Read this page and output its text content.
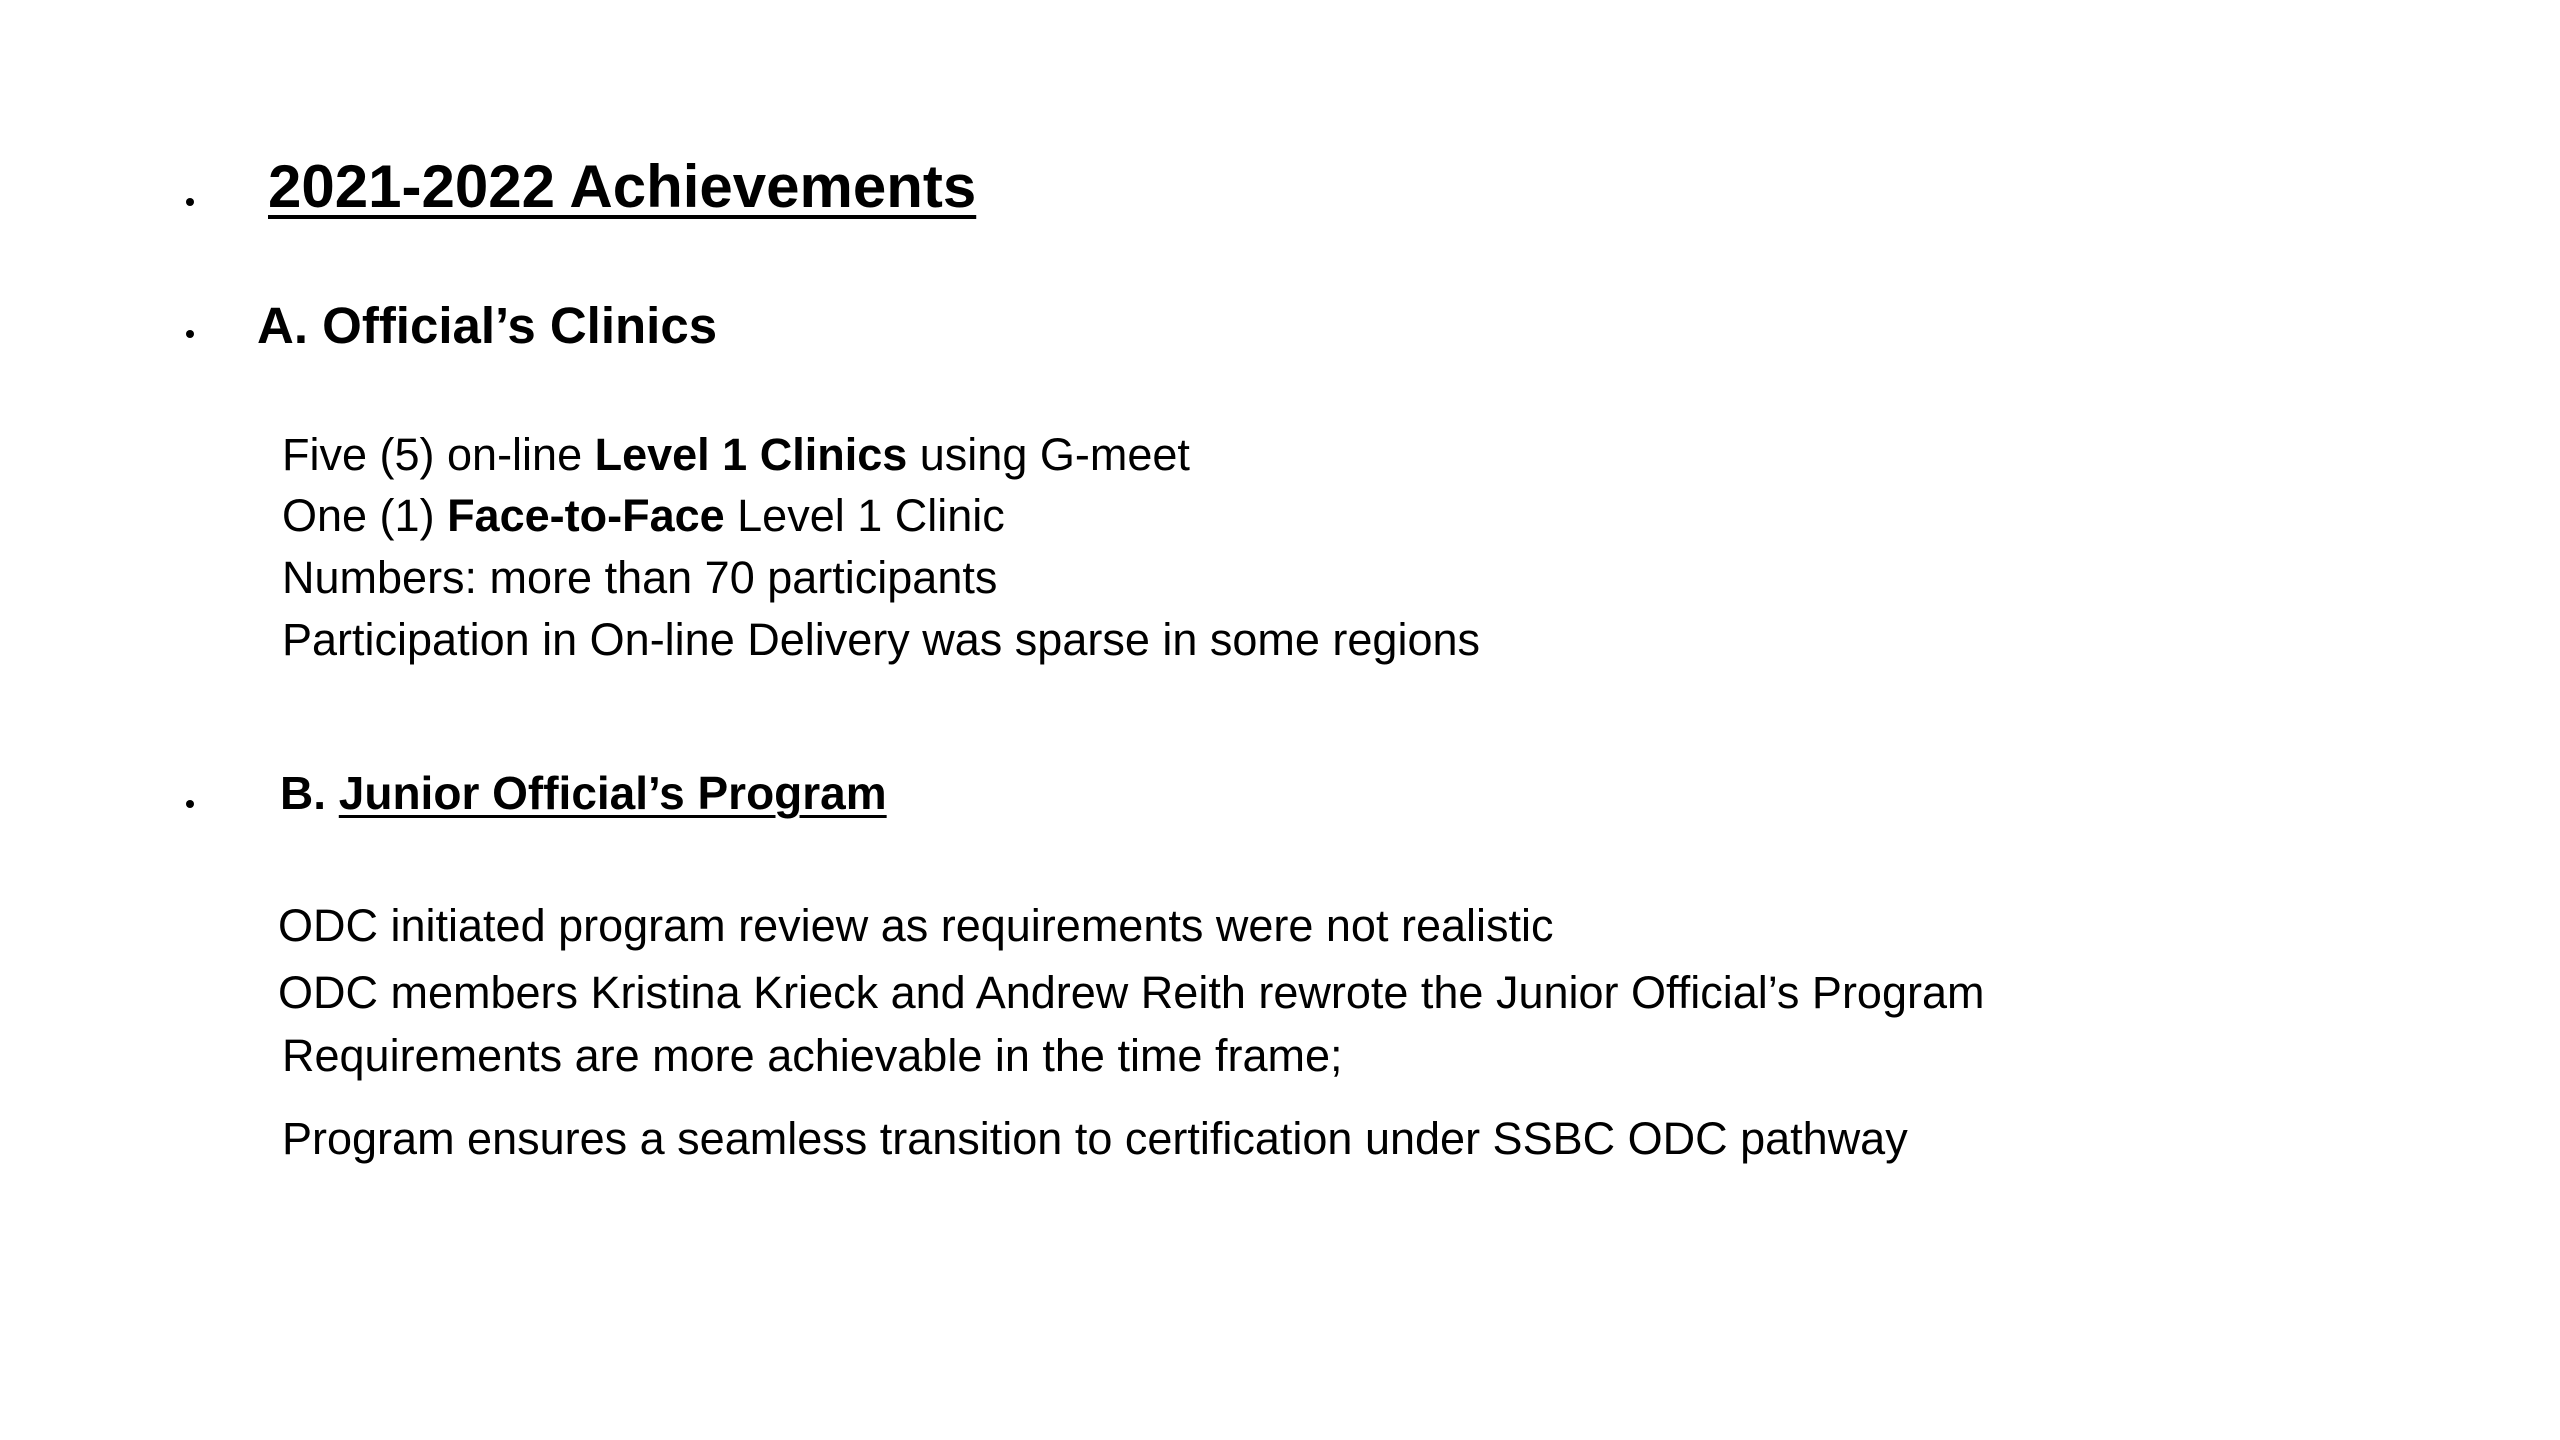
2021-2022 Achievements
A. Official’s Clinics
Five (5) on-line Level 1 Clinics using G-meet
One (1) Face-to-Face Level 1 Clinic
Numbers: more than 70 participants
Participation in On-line Delivery was sparse in some regions
B. Junior Official’s Program
ODC initiated program review as requirements were not realistic
ODC members Kristina Krieck and Andrew Reith rewrote the Junior Official’s Program
Requirements are more achievable in the time frame;
Program ensures a seamless transition to certification under SSBC ODC pathway
